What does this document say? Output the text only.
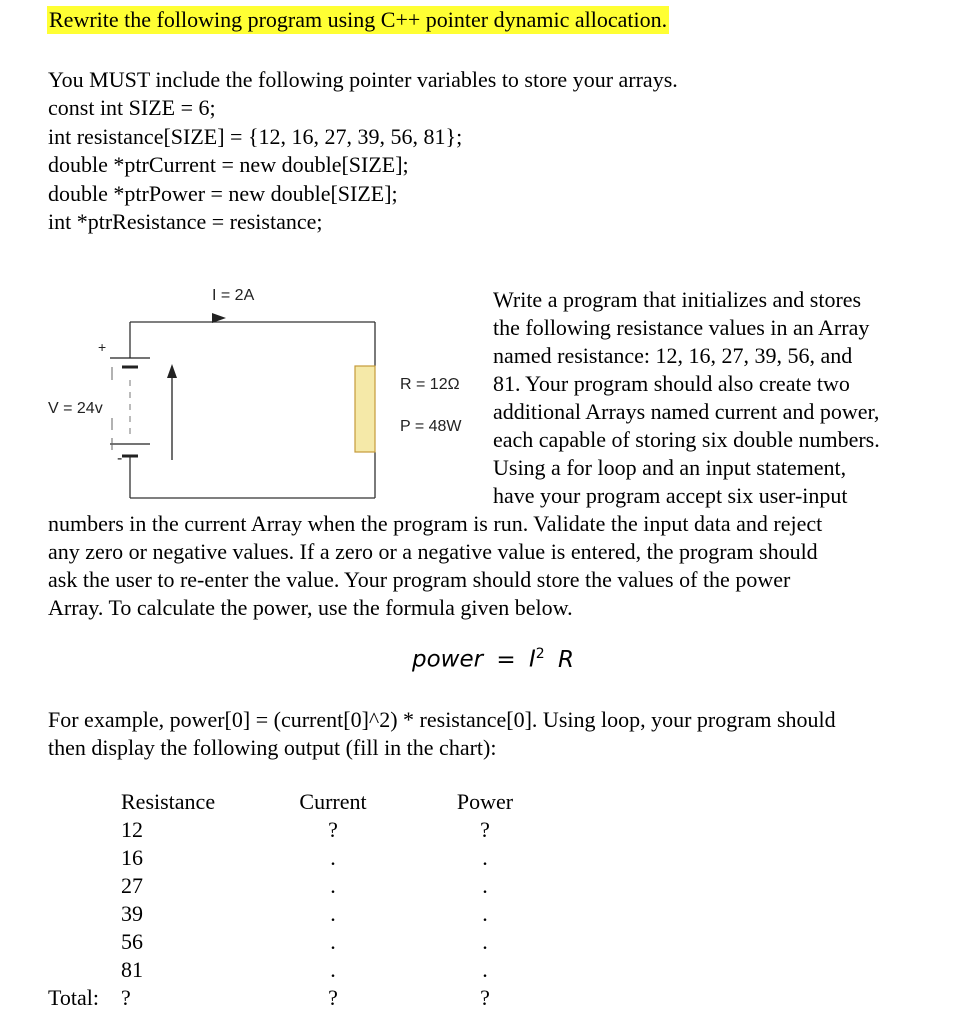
Rewrite the following program using C++ pointer dynamic allocation.
You MUST include the following pointer variables to store your arrays.
const int SIZE = 6;
int resistance[SIZE] = {12, 16, 27, 39, 56, 81};
double *ptrCurrent = new double[SIZE];
double *ptrPower = new double[SIZE];
int *ptrResistance = resistance;
+
-
I = 2A
V = 24v
R = 12Ω
P = 48W
Write a program that initializes and stores
the following resistance values in an Array
named resistance: 12, 16, 27, 39, 56, and
81. Your program should also create two
additional Arrays named current and power,
each capable of storing six double numbers.
Using a for loop and an input statement,
have your program accept six user-input
numbers in the current Array when the program is run. Validate the input data and reject
any zero or negative values. If a zero or a negative value is entered, the program should
ask the user to re-enter the value. Your program should store the values of the power
Array. To calculate the power, use the formula given below.
power = $I^2$ R
For example, power[0] = (current[0]^2) * resistance[0]. Using loop, your program should
then display the following output (fill in the chart):
Resistance
12
16
27
39
56
81
Current
?
.
.
.
.
.
Power
?
.
.
.
.
.
Total: ?	?	?
